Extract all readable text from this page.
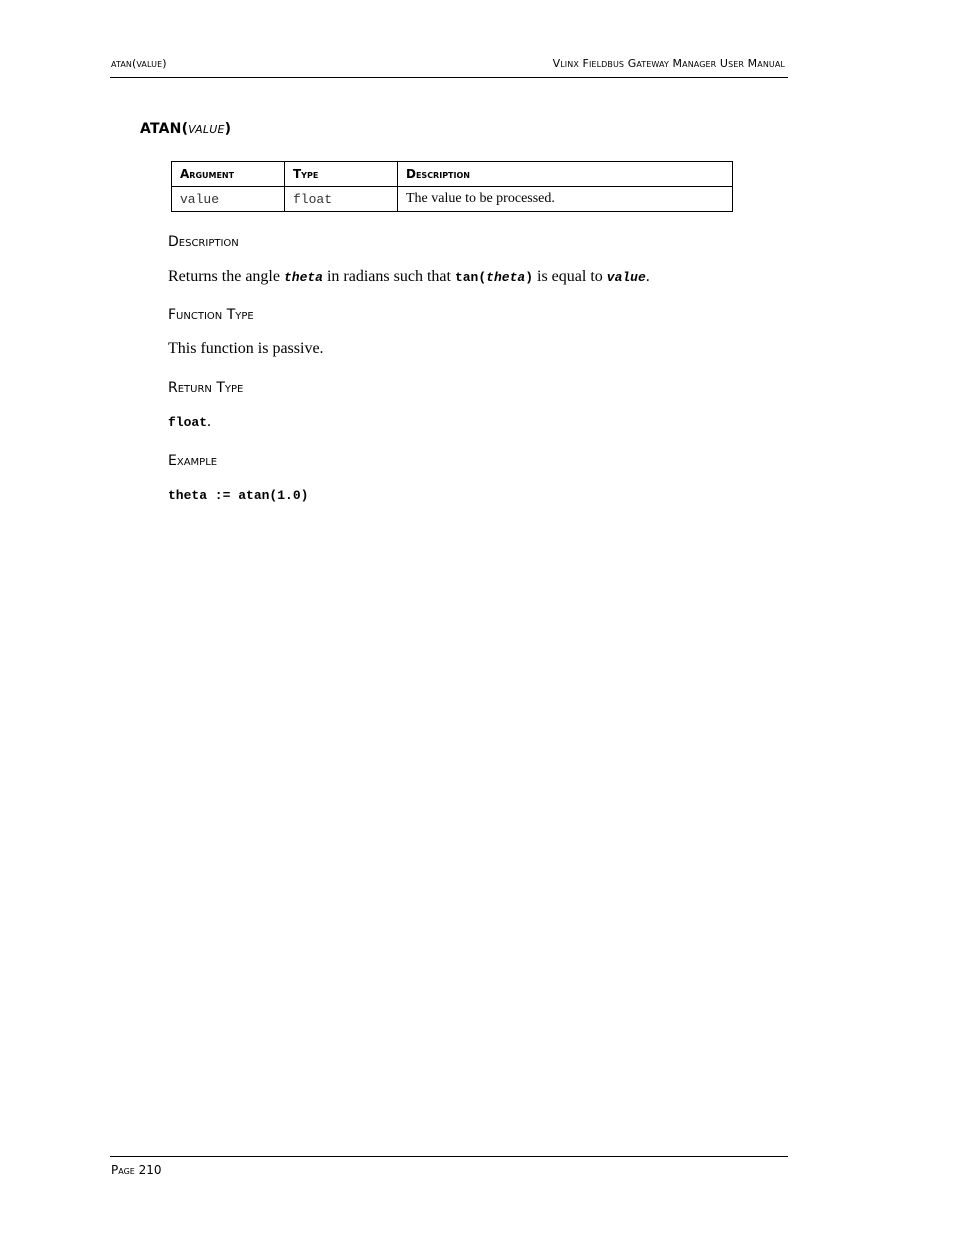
atan(value)	Vlinx Fieldbus Gateway Manager User Manual
ATAN(value)
Argument	Type	Description
value	float	The value to be processed.
Description
Returns the angle theta in radians such that tan(theta) is equal to value.
Function Type
This function is passive.
Return Type
float.
Example
theta := atan(1.0)
Page 210
